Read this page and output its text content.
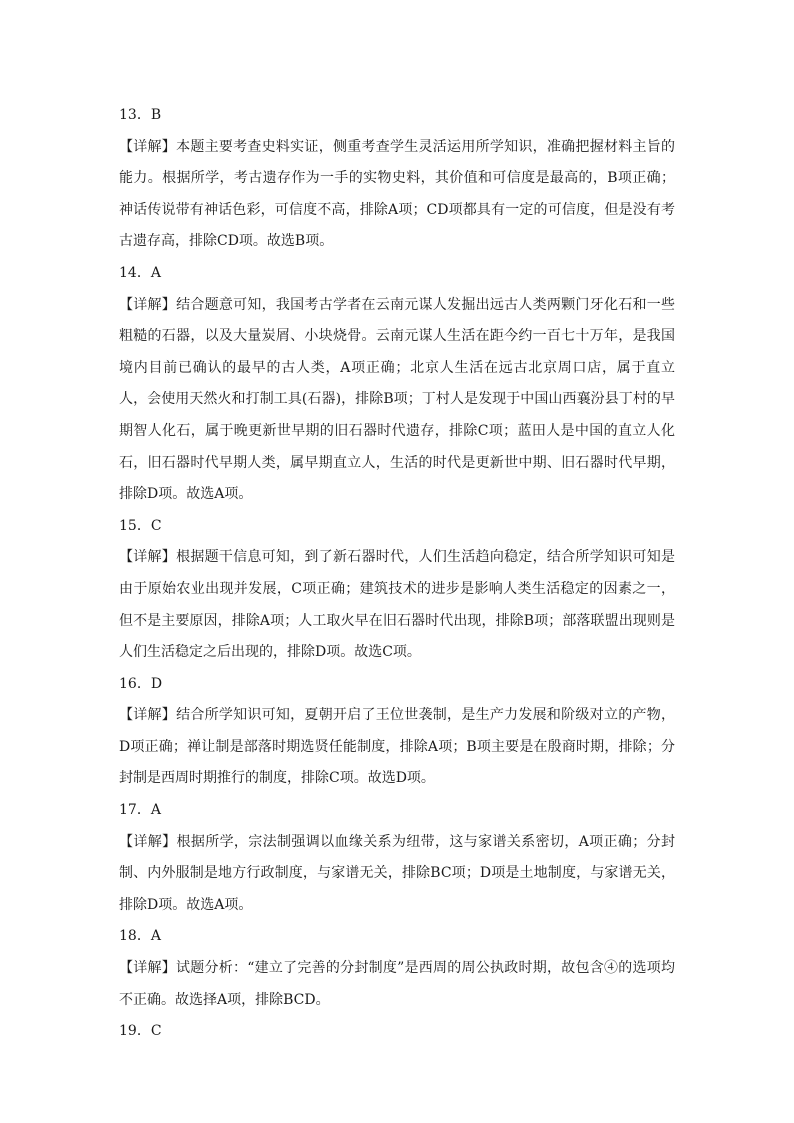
13．B

【详解】本题主要考查史料实证，侧重考查学生灵活运用所学知识，准确把握材料主旨的能力。根据所学，考古遗存作为一手的实物史料，其价值和可信度是最高的，B项正确；神话传说带有神话色彩，可信度不高，排除A项；CD项都具有一定的可信度，但是没有考古遗存高，排除CD项。故选B项。

14．A

【详解】结合题意可知，我国考古学者在云南元谋人发掘出远古人类两颗门牙化石和一些粗糙的石器，以及大量炭屑、小块烧骨。云南元谋人生活在距今约一百七十万年，是我国境内目前已确认的最早的古人类，A项正确；北京人生活在远古北京周口店，属于直立人，会使用天然火和打制工具(石器)，排除B项；丁村人是发现于中国山西襄汾县丁村的早期智人化石，属于晚更新世早期的旧石器时代遗存，排除C项；蓝田人是中国的直立人化石，旧石器时代早期人类，属早期直立人，生活的时代是更新世中期、旧石器时代早期，排除D项。故选A项。

15．C

【详解】根据题干信息可知，到了新石器时代，人们生活趋向稳定，结合所学知识可知是由于原始农业出现并发展，C项正确；建筑技术的进步是影响人类生活稳定的因素之一，但不是主要原因，排除A项；人工取火早在旧石器时代出现，排除B项；部落联盟出现则是人们生活稳定之后出现的，排除D项。故选C项。

16．D

【详解】结合所学知识可知，夏朝开启了王位世袭制，是生产力发展和阶级对立的产物，D项正确；禅让制是部落时期选贤任能制度，排除A项；B项主要是在殷商时期，排除；分封制是西周时期推行的制度，排除C项。故选D项。

17．A

【详解】根据所学，宗法制强调以血缘关系为纽带，这与家谱关系密切，A项正确；分封制、内外服制是地方行政制度，与家谱无关，排除BC项；D项是土地制度，与家谱无关，排除D项。故选A项。

18．A

【详解】试题分析：“建立了完善的分封制度”是西周的周公执政时期，故包含④的选项均不正确。故选择A项，排除BCD。

19．C
